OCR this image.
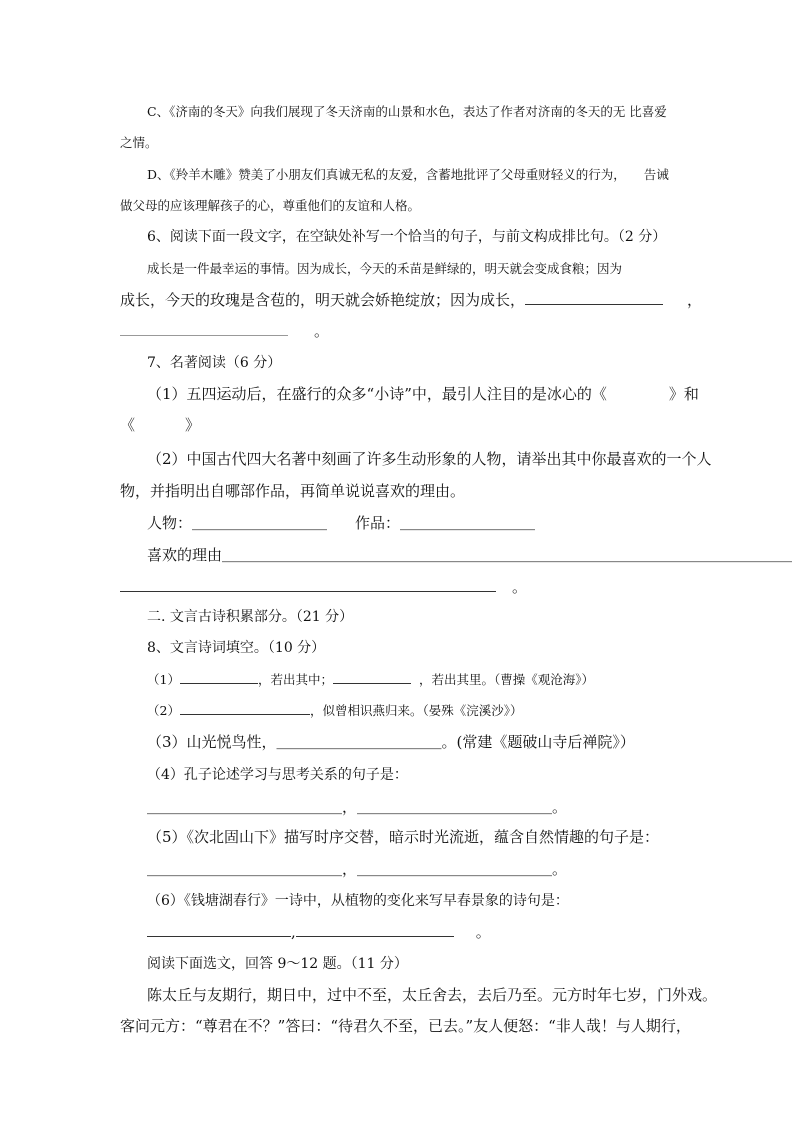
C、《济南的冬天》向我们展现了冬天济南的山景和水色，表达了作者对济南的冬天的无 比喜爱
之情。
D、《羚羊木雕》赞美了小朋友们真诚无私的友爱，含蓄地批评了父母重财轻义的行为， 告诫
做父母的应该理解孩子的心，尊重他们的友谊和人格。
6、阅读下面一段文字，在空缺处补写一个恰当的句子，与前文构成排比句。（2 分）
成长是一件最幸运的事情。因为成长，今天的禾苗是鲜绿的，明天就会变成食粮；因为
成长，今天的玫瑰是含苞的，明天就会娇艳绽放；因为成长，	，
。
7、名著阅读（6 分）
（1）五四运动后，在盛行的众多“小诗”中，最引人注目的是冰心的《	》和
《	》
（2）中国古代四大名著中刻画了许多生动形象的人物，请举出其中你最喜欢的一个人
物，并指明出自哪部作品，再简单说说喜欢的理由。
人物：＿＿＿＿＿＿＿＿＿ 作品：＿＿＿＿＿＿＿＿＿
喜欢的理由＿＿＿＿＿＿＿＿＿＿＿＿＿＿＿＿＿＿＿＿＿＿＿＿＿＿＿＿＿＿＿＿＿＿＿＿＿＿
。
二. 文言古诗积累部分。（21 分）
8、文言诗词填空。（10 分）
（1）	，若出其中；	，若出其里。（曹操《观沧海》）
（2）	，似曾相识燕归来。（晏殊《浣溪沙》）
（3）山光悦鸟性，＿＿＿＿＿＿＿＿＿＿＿。(常建《题破山寺后禅院》）
（4）孔子论述学习与思考关系的句子是：
＿＿＿＿＿＿＿＿＿＿＿＿＿，＿＿＿＿＿＿＿＿＿＿＿＿＿。
（5）《次北固山下》描写时序交替，暗示时光流逝，蕴含自然情趣的句子是：
＿＿＿＿＿＿＿＿＿＿＿＿＿，＿＿＿＿＿＿＿＿＿＿＿＿＿。
（6）《钱塘湖春行》一诗中，从植物的变化来写早春景象的诗句是：
,	。
阅读下面选文，回答 9～12 题。（11 分）
陈太丘与友期行，期日中，过中不至，太丘舍去，去后乃至。元方时年七岁，门外戏。
客问元方：“尊君在不？”答曰：“待君久不至，已去。”友人便怒：“非人哉！与人期行，
